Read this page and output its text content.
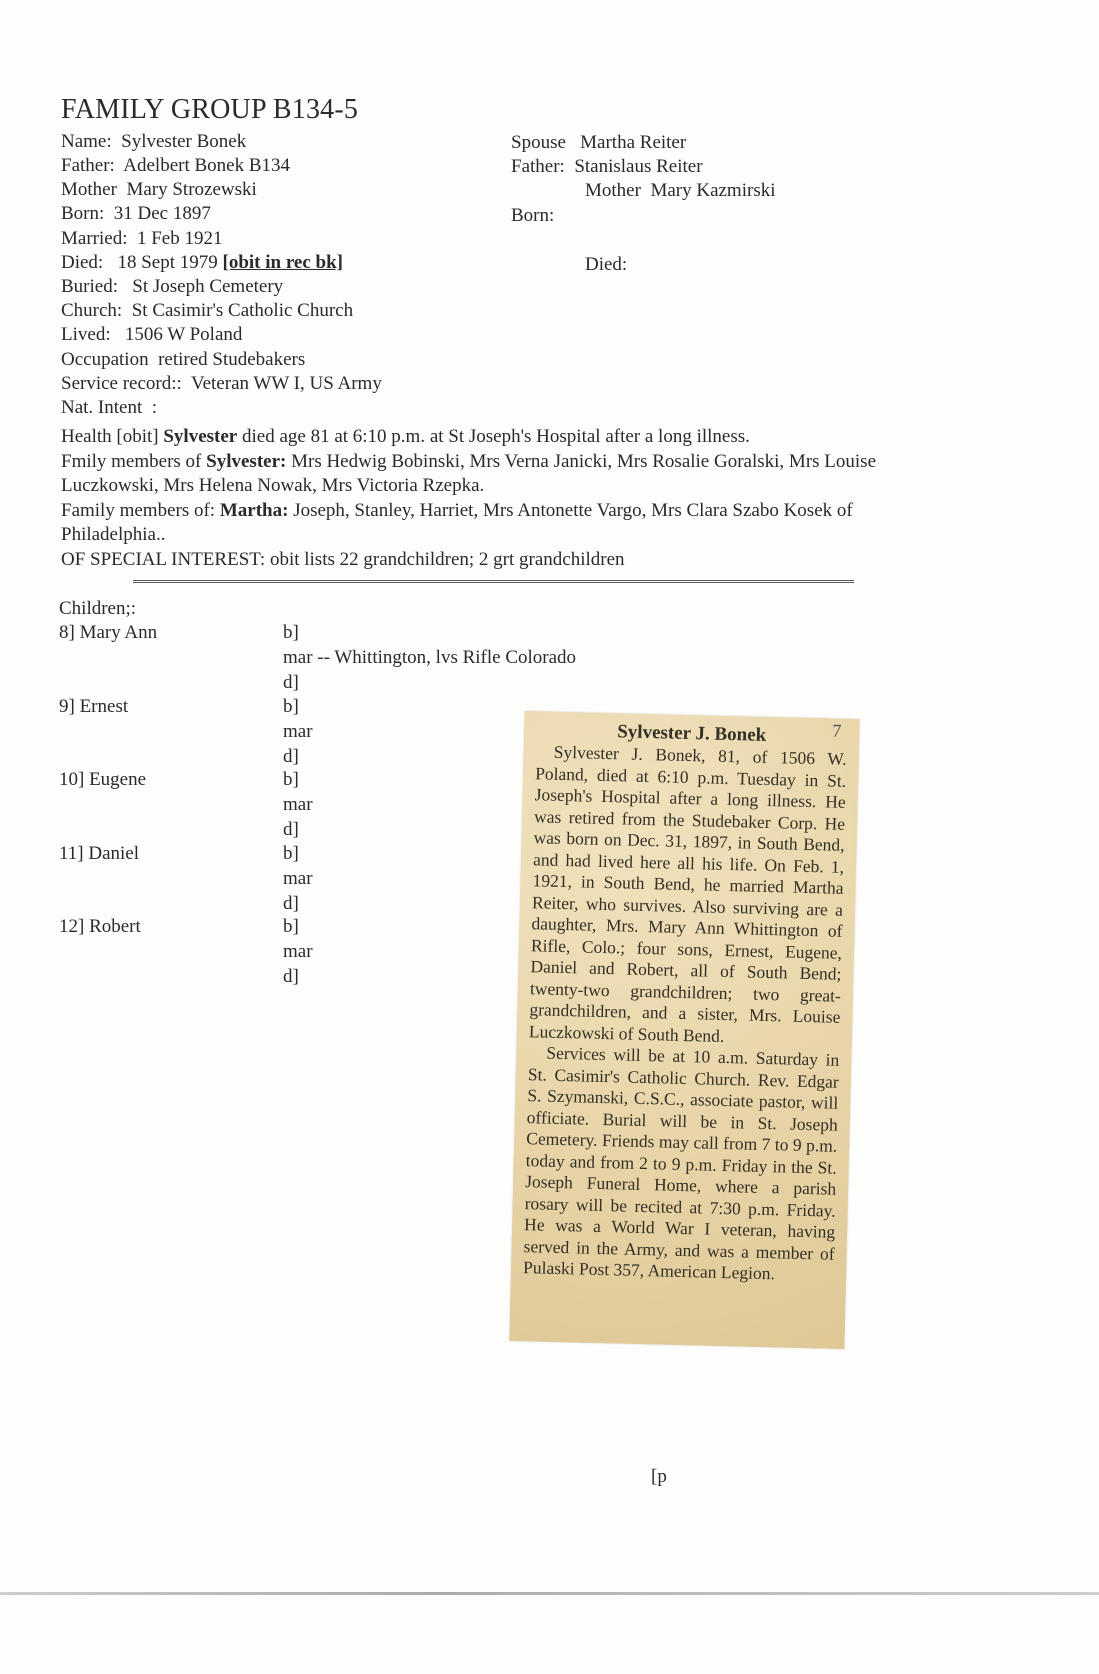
FAMILY GROUP B134-5
Name: Sylvester Bonek
Father: Adelbert Bonek B134
Mother Mary Strozewski
Born: 31 Dec 1897
Married: 1 Feb 1921
Died: 18 Sept 1979 [obit in rec bk]
Buried: St Joseph Cemetery
Church: St Casimir's Catholic Church
Lived: 1506 W Poland
Occupation retired Studebakers
Service record:: Veteran WW I, US Army
Nat. Intent :
Spouse Martha Reiter
Father: Stanislaus Reiter
Mother Mary Kazmirski
Born:
Died:
Health [obit] Sylvester died age 81 at 6:10 p.m. at St Joseph's Hospital after a long illness.
Fmily members of Sylvester: Mrs Hedwig Bobinski, Mrs Verna Janicki, Mrs Rosalie Goralski, Mrs Louise Luczkowski, Mrs Helena Nowak, Mrs Victoria Rzepka.
Family members of: Martha: Joseph, Stanley, Harriet, Mrs Antonette Vargo, Mrs Clara Szabo Kosek of Philadelphia..
OF SPECIAL INTEREST: obit lists 22 grandchildren; 2 grt grandchildren
Children;:
8] Mary Ann	b]
mar -- Whittington, lvs Rifle Colorado
d]
9] Ernest	b]
mar
d]
10] Eugene	b]
mar
d]
11] Daniel	b]
mar
d]
12] Robert	b]
mar
d]
7
Sylvester J. Bonek

Sylvester J. Bonek, 81, of 1506 W. Poland, died at 6:10 p.m. Tuesday in St. Joseph's Hospital after a long illness. He was retired from the Studebaker Corp. He was born on Dec. 31, 1897, in South Bend, and had lived here all his life. On Feb. 1, 1921, in South Bend, he married Martha Reiter, who survives. Also surviving are a daughter, Mrs. Mary Ann Whittington of Rifle, Colo.; four sons, Ernest, Eugene, Daniel and Robert, all of South Bend; twenty-two grandchildren; two great-grandchildren, and a sister, Mrs. Louise Luczkowski of South Bend.

Services will be at 10 a.m. Saturday in St. Casimir's Catholic Church. Rev. Edgar S. Szymanski, C.S.C., associate pastor, will officiate. Burial will be in St. Joseph Cemetery. Friends may call from 7 to 9 p.m. today and from 2 to 9 p.m. Friday in the St. Joseph Funeral Home, where a parish rosary will be recited at 7:30 p.m. Friday. He was a World War I veteran, having served in the Army, and was a member of Pulaski Post 357, American Legion.

[p
